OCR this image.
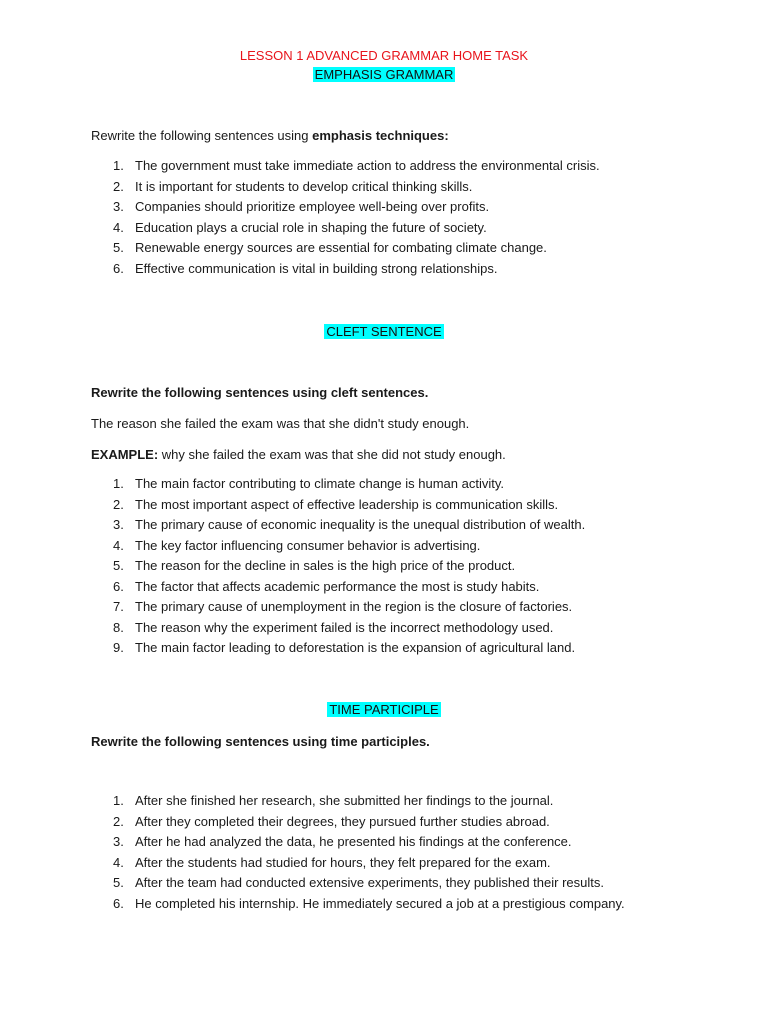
LESSON 1 ADVANCED GRAMMAR HOME TASK
EMPHASIS GRAMMAR
Rewrite the following sentences using emphasis techniques:
1. The government must take immediate action to address the environmental crisis.
2. It is important for students to develop critical thinking skills.
3. Companies should prioritize employee well-being over profits.
4. Education plays a crucial role in shaping the future of society.
5. Renewable energy sources are essential for combating climate change.
6. Effective communication is vital in building strong relationships.
CLEFT SENTENCE
Rewrite the following sentences using cleft sentences.
The reason she failed the exam was that she didn't study enough.
EXAMPLE: why she failed the exam was that she did not study enough.
1. The main factor contributing to climate change is human activity.
2. The most important aspect of effective leadership is communication skills.
3. The primary cause of economic inequality is the unequal distribution of wealth.
4. The key factor influencing consumer behavior is advertising.
5. The reason for the decline in sales is the high price of the product.
6. The factor that affects academic performance the most is study habits.
7. The primary cause of unemployment in the region is the closure of factories.
8. The reason why the experiment failed is the incorrect methodology used.
9. The main factor leading to deforestation is the expansion of agricultural land.
TIME PARTICIPLE
Rewrite the following sentences using time participles.
1. After she finished her research, she submitted her findings to the journal.
2. After they completed their degrees, they pursued further studies abroad.
3. After he had analyzed the data, he presented his findings at the conference.
4. After the students had studied for hours, they felt prepared for the exam.
5. After the team had conducted extensive experiments, they published their results.
6. He completed his internship. He immediately secured a job at a prestigious company.
